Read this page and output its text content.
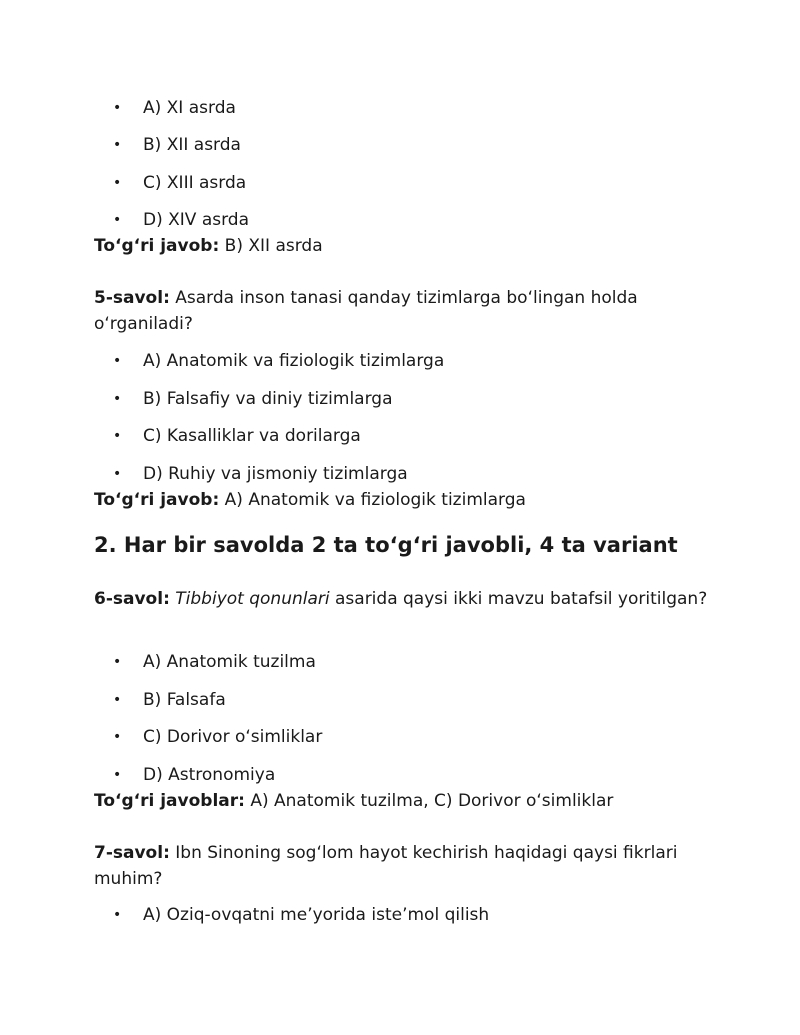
• A) XI asrda
• B) XII asrda
• C) XIII asrda
• D) XIV asrda
To‘g‘ri javob: B) XII asrda
5-savol: Asarda inson tanasi qanday tizimlarga bo‘lingan holda o‘rganiladi?
• A) Anatomik va fiziologik tizimlarga
• B) Falsafiy va diniy tizimlarga
• C) Kasalliklar va dorilarga
• D) Ruhiy va jismoniy tizimlarga
To‘g‘ri javob: A) Anatomik va fiziologik tizimlarga
2. Har bir savolda 2 ta to‘g‘ri javobli, 4 ta variant
6-savol: Tibbiyot qonunlari asarida qaysi ikki mavzu batafsil yoritilgan?
• A) Anatomik tuzilma
• B) Falsafa
• C) Dorivor o‘simliklar
• D) Astronomiya
To‘g‘ri javoblar: A) Anatomik tuzilma, C) Dorivor o‘simliklar
7-savol: Ibn Sinoning sog‘lom hayot kechirish haqidagi qaysi fikrlari muhim?
• A) Oziq-ovqatni me’yorida iste’mol qilish
